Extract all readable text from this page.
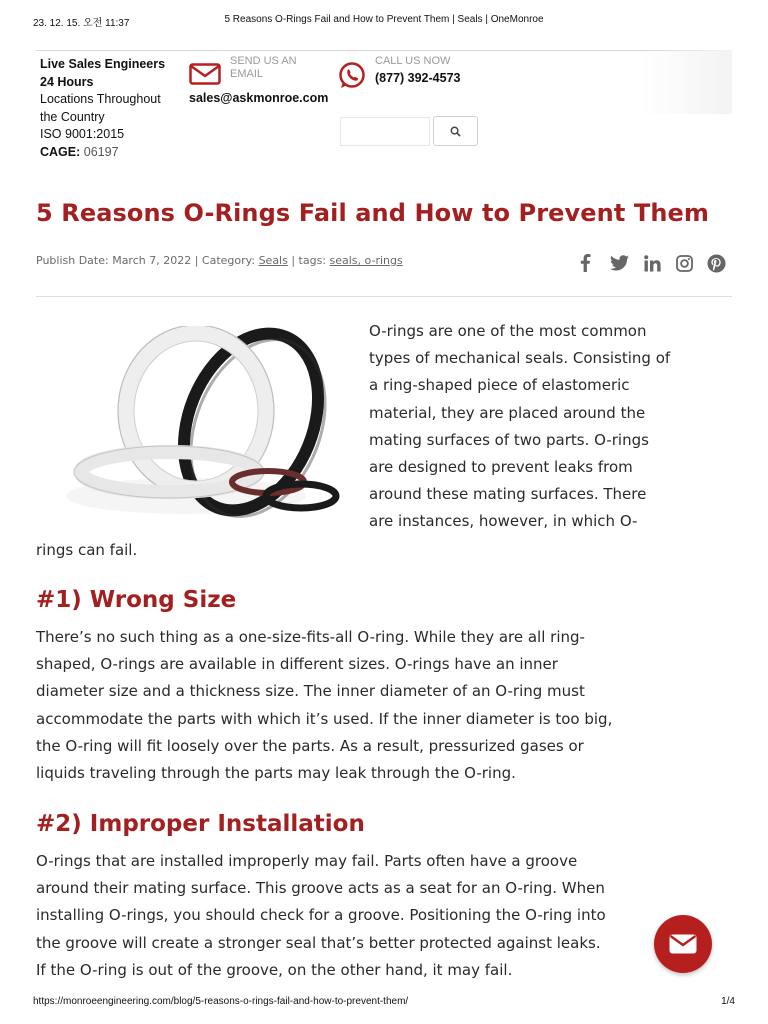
23. 12. 15. 오전 11:37	5 Reasons O-Rings Fail and How to Prevent Them | Seals | OneMonroe
Live Sales Engineers
24 Hours
Locations Throughout
the Country
ISO 9001:2015
CAGE: 06197
SEND US AN EMAIL
sales@askmonroe.com
CALL US NOW
(877) 392-4573
5 Reasons O-Rings Fail and How to Prevent Them
Publish Date: March 7, 2022 | Category: Seals | tags: seals, o-rings
O-rings are one of the most common
types of mechanical seals. Consisting of
a ring-shaped piece of elastomeric
material, they are placed around the
mating surfaces of two parts. O-rings
are designed to prevent leaks from
around these mating surfaces. There
are instances, however, in which O-
rings can fail.
#1) Wrong Size
There’s no such thing as a one-size-fits-all O-ring. While they are all ring-
shaped, O-rings are available in different sizes. O-rings have an inner
diameter size and a thickness size. The inner diameter of an O-ring must
accommodate the parts with which it’s used. If the inner diameter is too big,
the O-ring will fit loosely over the parts. As a result, pressurized gases or
liquids traveling through the parts may leak through the O-ring.
#2) Improper Installation
O-rings that are installed improperly may fail. Parts often have a groove
around their mating surface. This groove acts as a seat for an O-ring. When
installing O-rings, you should check for a groove. Positioning the O-ring into
the groove will create a stronger seal that’s better protected against leaks.
If the O-ring is out of the groove, on the other hand, it may fail.
https://monroeengineering.com/blog/5-reasons-o-rings-fail-and-how-to-prevent-them/	1/4
